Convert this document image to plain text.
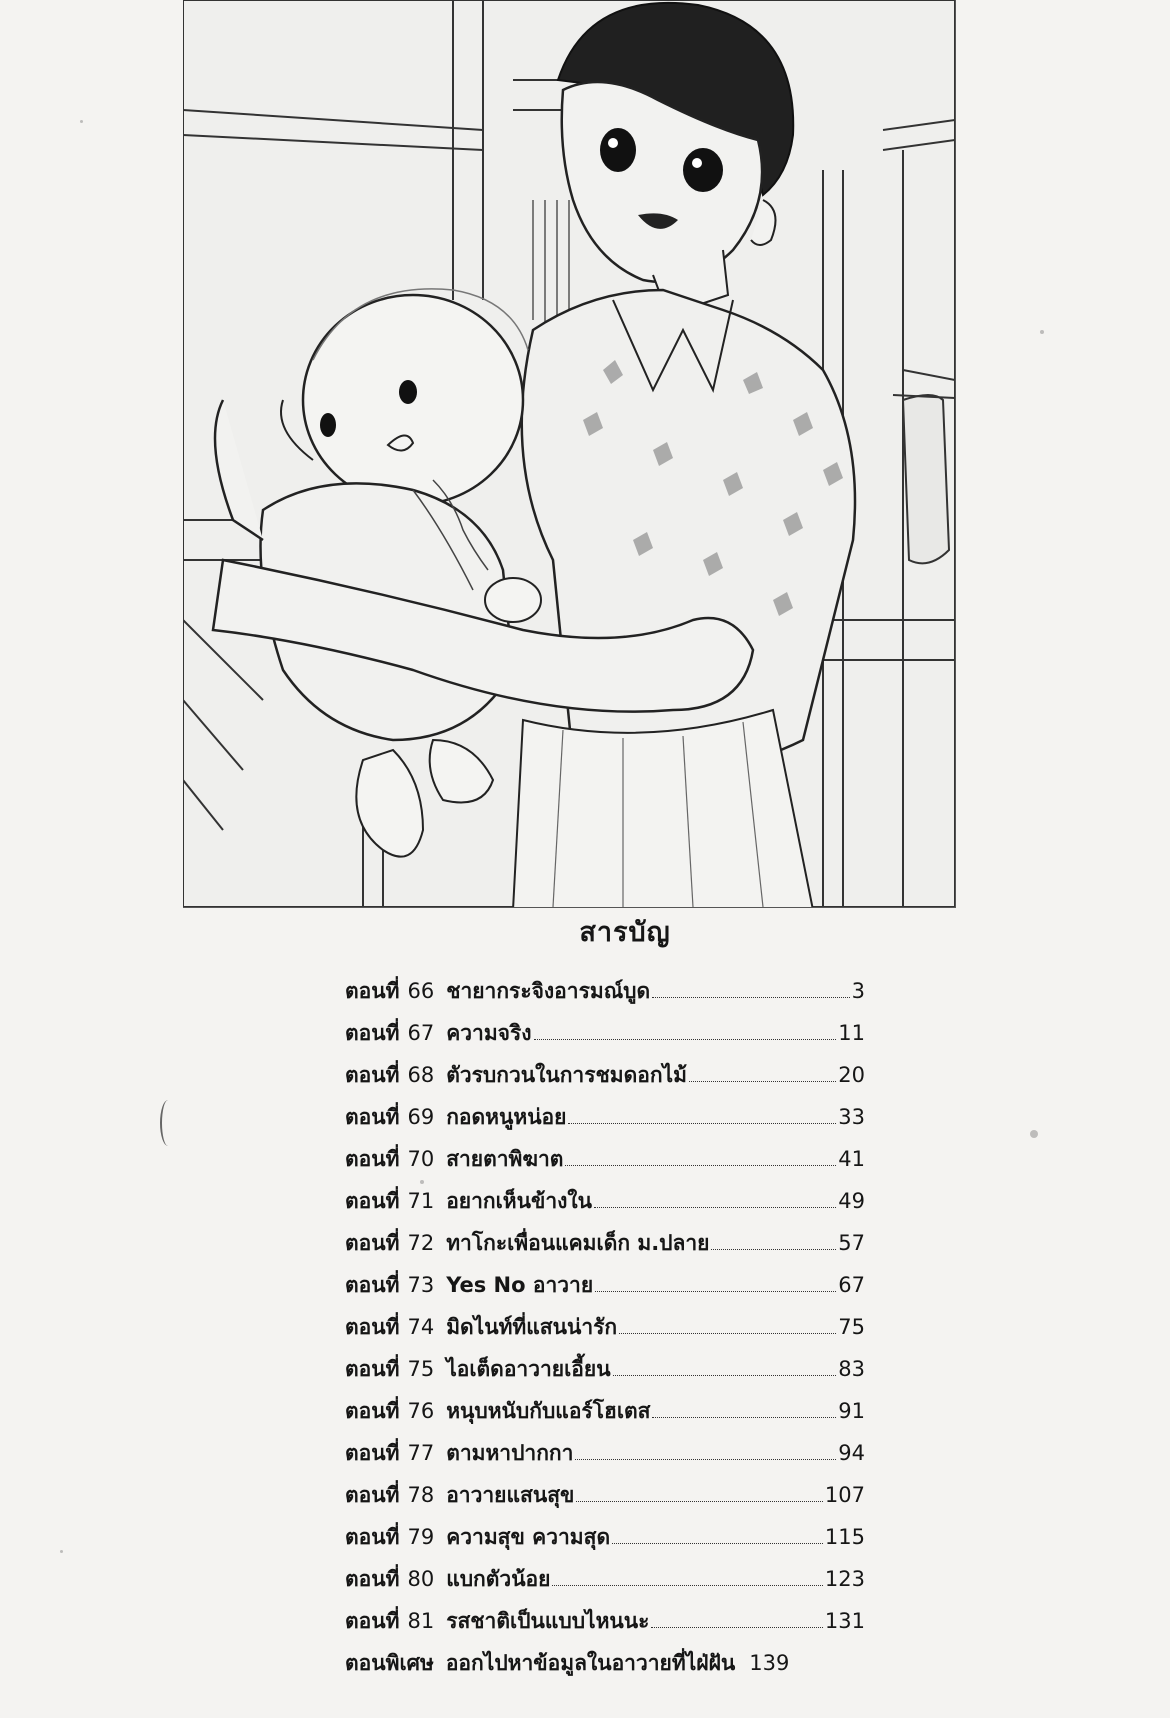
สารบัญ
ตอนที่ 66 ชายากระจิงอารมณ์บูด	3
ตอนที่ 67 ความจริง	11
ตอนที่ 68 ตัวรบกวนในการชมดอกไม้	20
ตอนที่ 69 กอดหนูหน่อย	33
ตอนที่ 70 สายตาพิฆาต	41
ตอนที่ 71 อยากเห็นข้างใน	49
ตอนที่ 72 ทาโกะเพื่อนแคมเด็ก ม.ปลาย	57
ตอนที่ 73 Yes No อาวาย	67
ตอนที่ 74 มิดไนท์ที่แสนน่ารัก	75
ตอนที่ 75 ไอเต็ดอาวายเอี้ยน	83
ตอนที่ 76 หนุบหนับกับแอร์โฮเตส	91
ตอนที่ 77 ตามหาปากกา	94
ตอนที่ 78 อาวายแสนสุข	107
ตอนที่ 79 ความสุข ความสุด	115
ตอนที่ 80 แบกตัวน้อย	123
ตอนที่ 81 รสชาติเป็นแบบไหนนะ	131
ตอนพิเศษ ออกไปหาข้อมูลในอาวายที่ไฝ่ฝัน 139
